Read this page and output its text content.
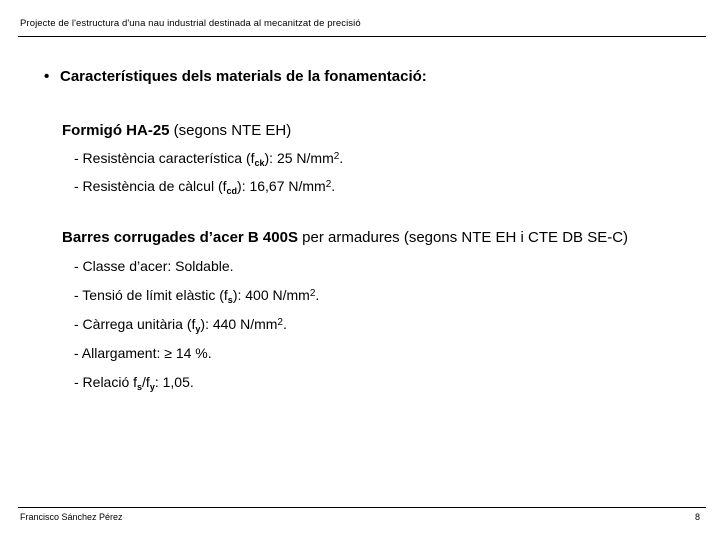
Projecte de l'estructura d'una nau industrial destinada al mecanitzat de precisió
• Característiques dels materials de la fonamentació:
Formigó HA-25 (segons NTE EH)
- Resistència característica $(f_{ck})$: 25 $N/mm^2$.
- Resistència de càlcul $(f_{cd})$: 16,67 $N/mm^2$.
Barres corrugades d’acer B 400S per armadures (segons NTE EH i CTE DB SE-C)
- Classe d’acer: Soldable.
- Tensió de límit elàstic $(f_s)$: 400 $N/mm^2$.
- Càrrega unitària $(f_y)$: 440 $N/mm^2$.
- Allargament: ≥ 14 %.
- Relació $f_s/f_y$: 1,05.
Francisco Sánchez Pérez	8
